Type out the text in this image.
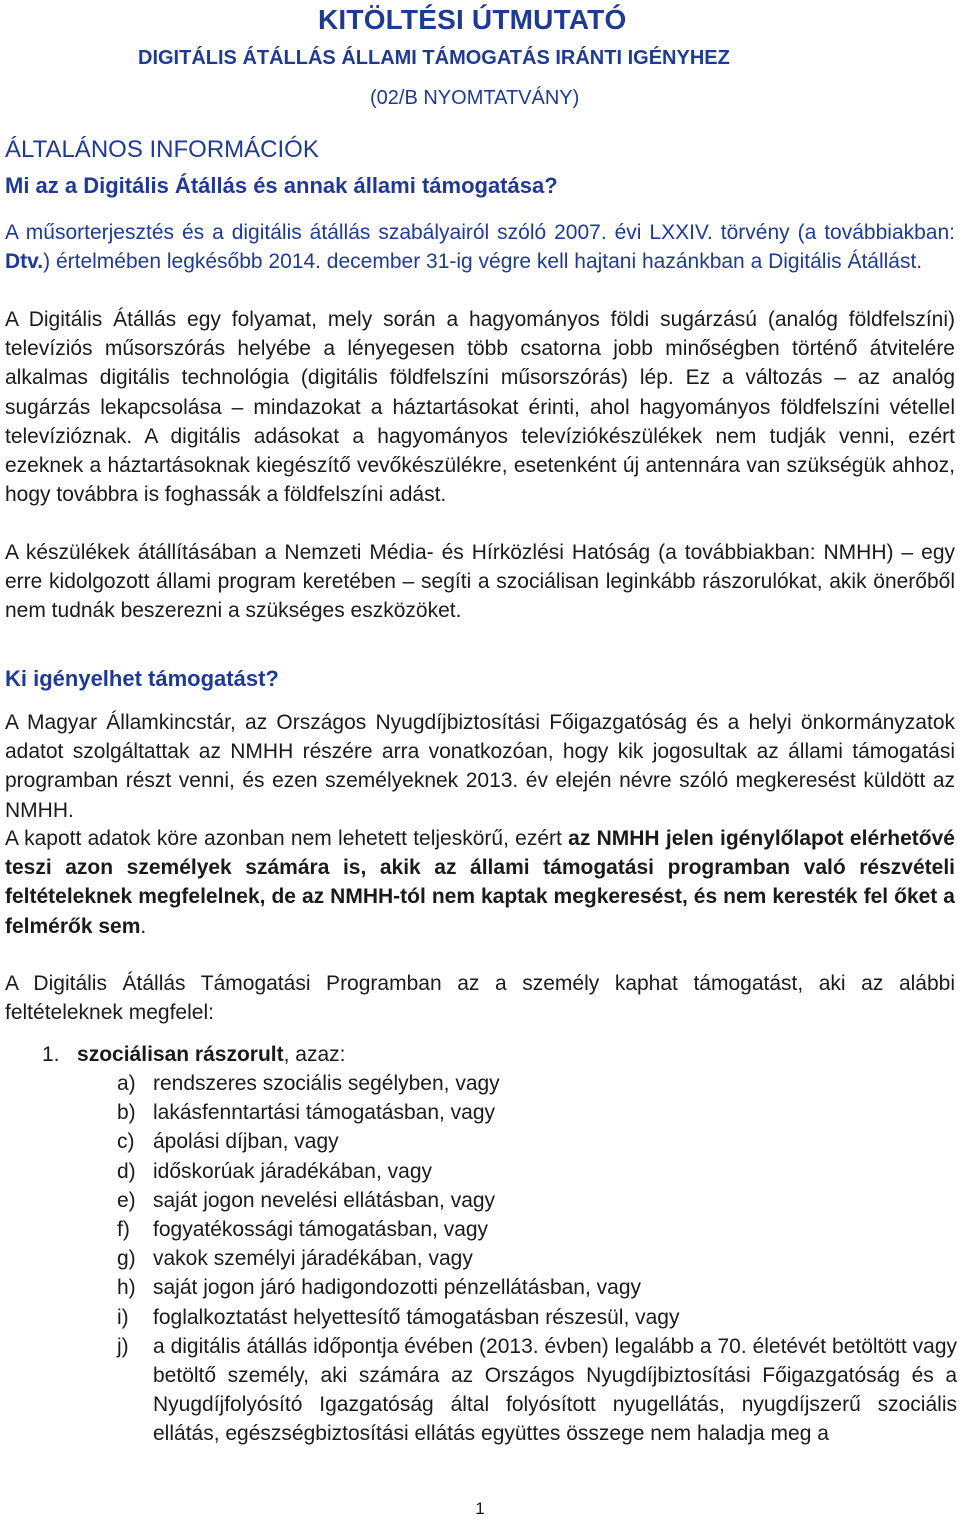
KITÖLTÉSI ÚTMUTATÓ
DIGITÁLIS ÁTÁLLÁS ÁLLAMI TÁMOGATÁS IRÁNTI IGÉNYHEZ
(02/B NYOMTATVÁNY)
ÁLTALÁNOS INFORMÁCIÓK
Mi az a Digitális Átállás és annak állami támogatása?

A műsorterjesztés és a digitális átállás szabályairól szóló 2007. évi LXXIV. törvény (a továbbiakban: Dtv.) értelmében legkésőbb 2014. december 31-ig végre kell hajtani hazánkban a Digitális Átállást.

A Digitális Átállás egy folyamat, mely során a hagyományos földi sugárzású (analóg földfelszíni) televíziós műsorszórás helyébe a lényegesen több csatorna jobb minőségben történő átvitelére alkalmas digitális technológia (digitális földfelszíni műsorszórás) lép. Ez a változás – az analóg sugárzás lekapcsolása – mindazokat a háztartásokat érinti, ahol hagyományos földfelszíni vétellel televízióznak. A digitális adásokat a hagyományos televíziókészülékek nem tudják venni, ezért ezeknek a háztartásoknak kiegészítő vevőkészülékre, esetenként új antennára van szükségük ahhoz, hogy továbbra is foghassák a földfelszíni adást.

A készülékek átállításában a Nemzeti Média- és Hírközlési Hatóság (a továbbiakban: NMHH) – egy erre kidolgozott állami program keretében – segíti a szociálisan leginkább rászorulókat, akik önerőből nem tudnák beszerezni a szükséges eszközöket.

Ki igényelhet támogatást?

A Magyar Államkincstár, az Országos Nyugdíjbiztosítási Főigazgatóság és a helyi önkormányzatok adatot szolgáltattak az NMHH részére arra vonatkozóan, hogy kik jogosultak az állami támogatási programban részt venni, és ezen személyeknek 2013. év elején névre szóló megkeresést küldött az NMHH.

A kapott adatok köre azonban nem lehetett teljeskörű, ezért az NMHH jelen igénylőlapot elérhetővé teszi azon személyek számára is, akik az állami támogatási programban való részvételi feltételeknek megfelelnek, de az NMHH-tól nem kaptak megkeresést, és nem keresték fel őket a felmérők sem.

A Digitális Átállás Támogatási Programban az a személy kaphat támogatást, aki az alábbi feltételeknek megfelel:

1. szociálisan rászorult, azaz:
a) rendszeres szociális segélyben, vagy
b) lakásfenntartási támogatásban, vagy
c) ápolási díjban, vagy
d) időskorúak járadékában, vagy
e) saját jogon nevelési ellátásban, vagy
f) fogyatékossági támogatásban, vagy
g) vakok személyi járadékában, vagy
h) saját jogon járó hadigondozotti pénzellátásban, vagy
i) foglalkoztatást helyettesítő támogatásban részesül, vagy
j) a digitális átállás időpontja évében (2013. évben) legalább a 70. életévét betöltött vagy betöltő személy, aki számára az Országos Nyugdíjbiztosítási Főigazgatóság és a Nyugdíjfolyósító Igazgatóság által folyósított nyugellátás, nyugdíjszerű szociális ellátás, egészségbiztosítási ellátás együttes összege nem haladja meg a
1
